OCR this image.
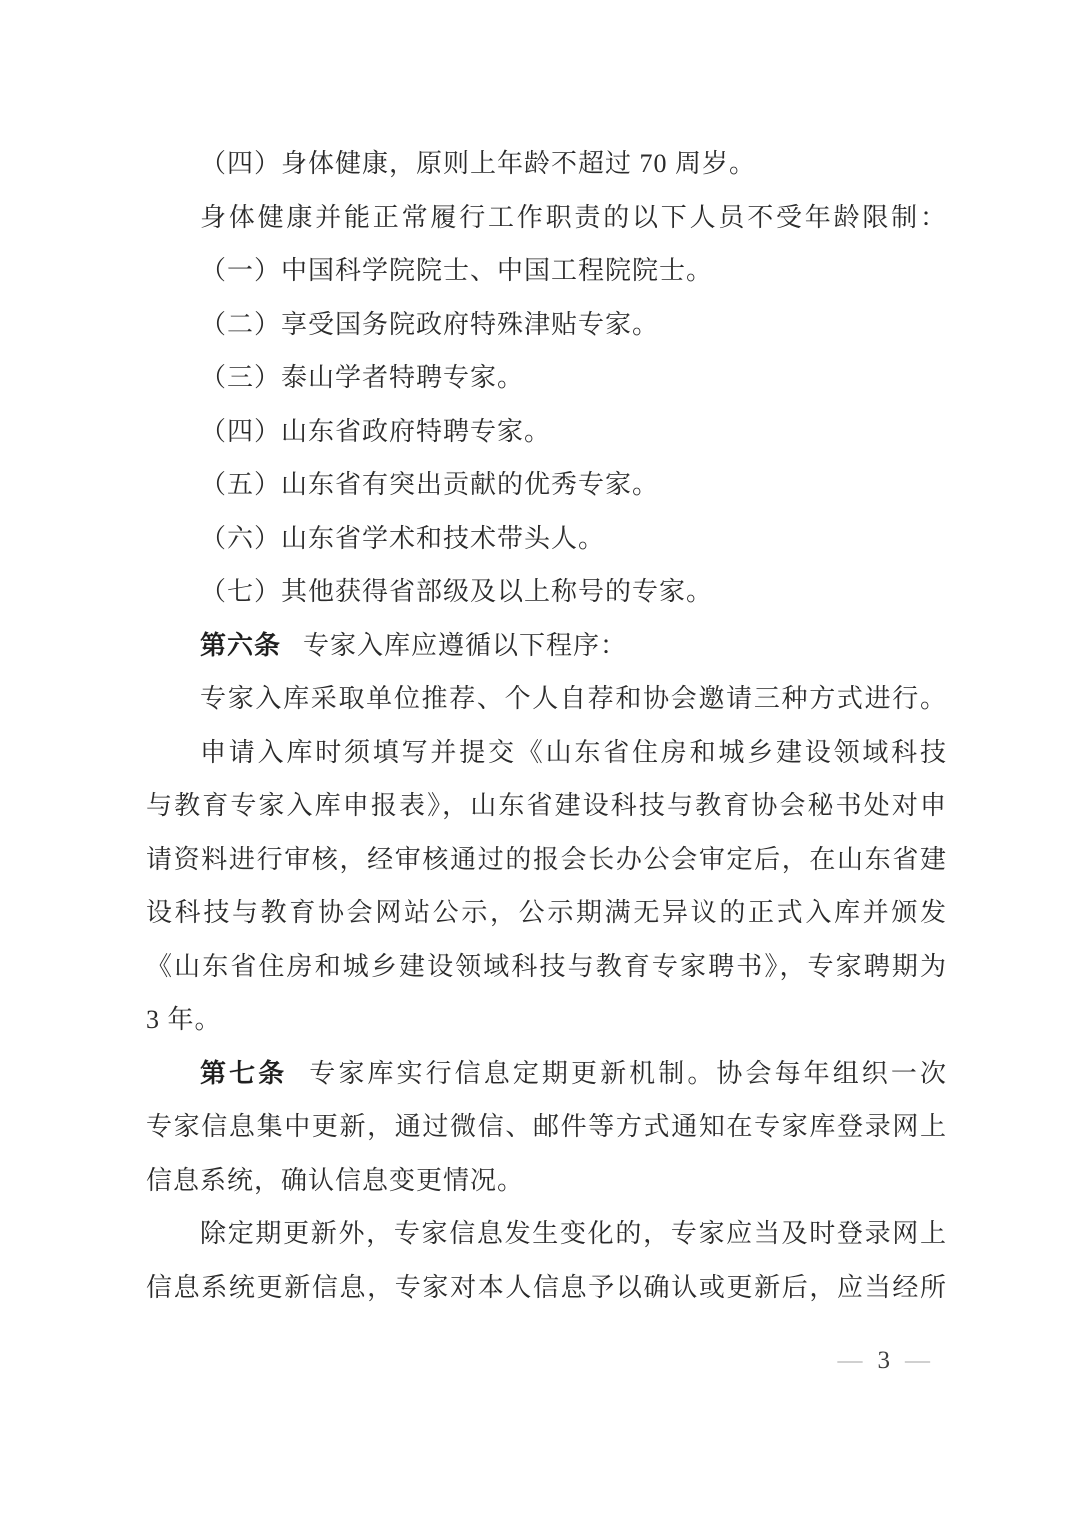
（四）身体健康，原则上年龄不超过 70 周岁。
身体健康并能正常履行工作职责的以下人员不受年龄限制：
（一）中国科学院院士、中国工程院院士。
（二）享受国务院政府特殊津贴专家。
（三）泰山学者特聘专家。
（四）山东省政府特聘专家。
（五）山东省有突出贡献的优秀专家。
（六）山东省学术和技术带头人。
（七）其他获得省部级及以上称号的专家。
第六条 专家入库应遵循以下程序：
专家入库采取单位推荐、个人自荐和协会邀请三种方式进行。
申请入库时须填写并提交《山东省住房和城乡建设领域科技
与教育专家入库申报表》，山东省建设科技与教育协会秘书处对申
请资料进行审核，经审核通过的报会长办公会审定后，在山东省建
设科技与教育协会网站公示，公示期满无异议的正式入库并颁发
《山东省住房和城乡建设领域科技与教育专家聘书》，专家聘期为
3 年。
第七条 专家库实行信息定期更新机制。协会每年组织一次
专家信息集中更新，通过微信、邮件等方式通知在专家库登录网上
信息系统，确认信息变更情况。
除定期更新外，专家信息发生变化的，专家应当及时登录网上
信息系统更新信息，专家对本人信息予以确认或更新后，应当经所
— 3 —
